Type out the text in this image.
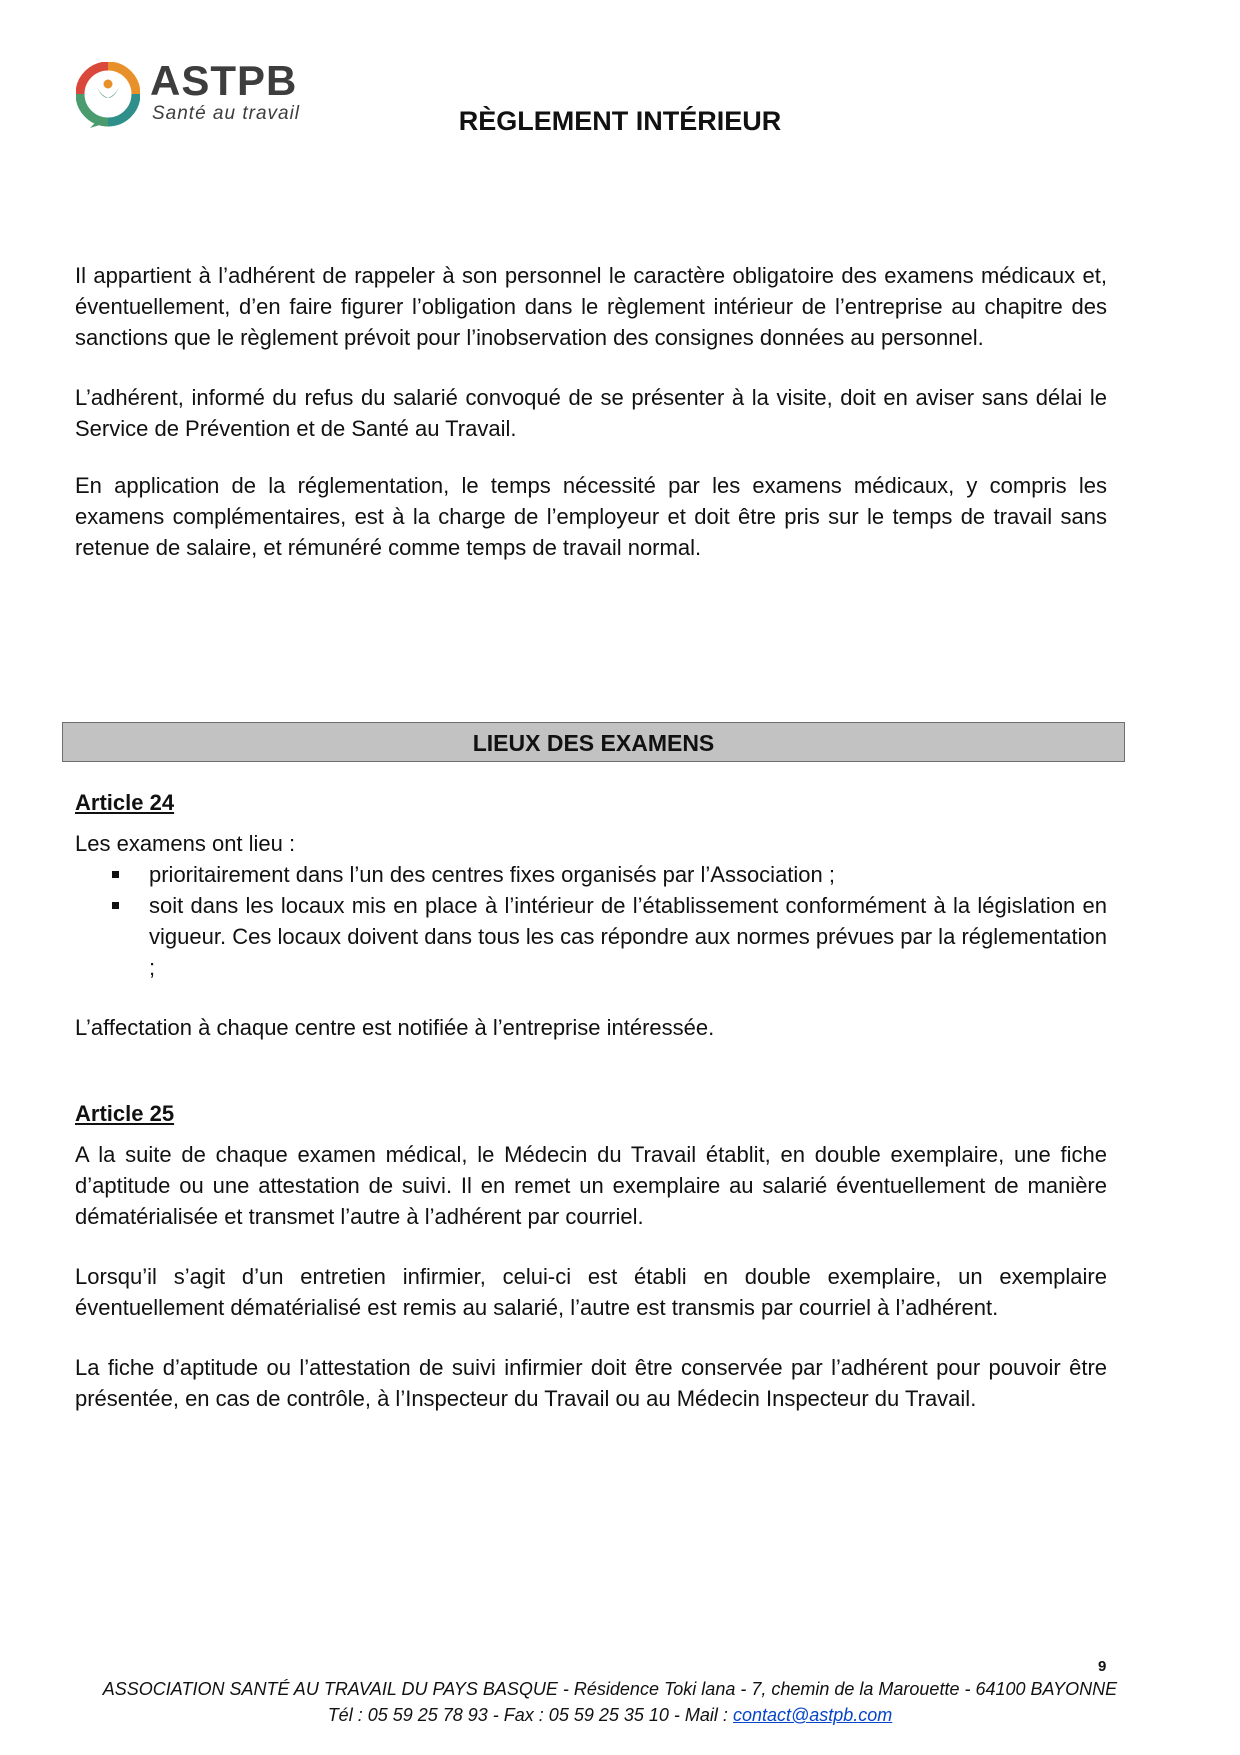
ASTPB
Santé au travail	RÈGLEMENT INTÉRIEUR

Il appartient à l’adhérent de rappeler à son personnel le caractère obligatoire des examens médicaux et, éventuellement, d’en faire figurer l’obligation dans le règlement intérieur de l’entreprise au chapitre des sanctions que le règlement prévoit pour l’inobservation des consignes données au personnel.

L’adhérent, informé du refus du salarié convoqué de se présenter à la visite, doit en aviser sans délai le Service de Prévention et de Santé au Travail.

En application de la réglementation, le temps nécessité par les examens médicaux, y compris les examens complémentaires, est à la charge de l’employeur et doit être pris sur le temps de travail sans retenue de salaire, et rémunéré comme temps de travail normal.

LIEUX DES EXAMENS
Article 24

Les examens ont lieu :

prioritairement dans l’un des centres fixes organisés par l’Association ;
soit dans les locaux mis en place à l’intérieur de l’établissement conformément à la législation en vigueur. Ces locaux doivent dans tous les cas répondre aux normes prévues par la réglementation ;

L’affectation à chaque centre est notifiée à l’entreprise intéressée.

Article 25

A la suite de chaque examen médical, le Médecin du Travail établit, en double exemplaire, une fiche d’aptitude ou une attestation de suivi. Il en remet un exemplaire au salarié éventuellement de manière dématérialisée et transmet l’autre à l’adhérent par courriel.

Lorsqu’il s’agit d’un entretien infirmier, celui-ci est établi en double exemplaire, un exemplaire éventuellement dématérialisé est remis au salarié, l’autre est transmis par courriel à l’adhérent.

La fiche d’aptitude ou l’attestation de suivi infirmier doit être conservée par l’adhérent pour pouvoir être présentée, en cas de contrôle, à l’Inspecteur du Travail ou au Médecin Inspecteur du Travail.

9
ASSOCIATION SANTÉ AU TRAVAIL DU PAYS BASQUE - Résidence Toki lana - 7, chemin de la Marouette - 64100 BAYONNE
Tél : 05 59 25 78 93 - Fax : 05 59 25 35 10 - Mail : contact@astpb.com
